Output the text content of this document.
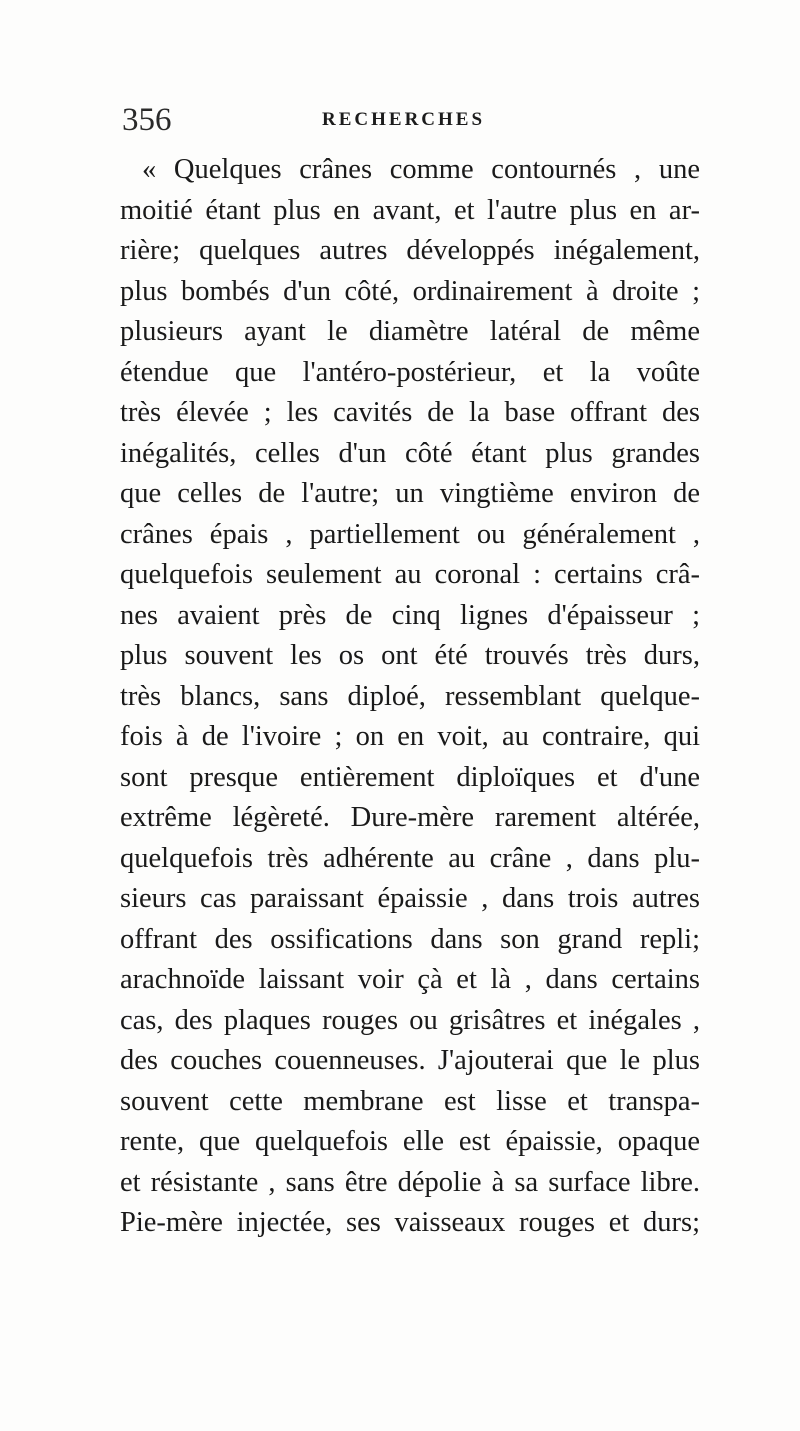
356	RECHERCHES
« Quelques crânes comme contournés , une
moitié étant plus en avant, et l'autre plus en ar-
rière; quelques autres développés inégalement,
plus bombés d'un côté, ordinairement à droite ;
plusieurs ayant le diamètre latéral de même
étendue que l'antéro-postérieur, et la voûte
très élevée ; les cavités de la base offrant des
inégalités, celles d'un côté étant plus grandes
que celles de l'autre; un vingtième environ de
crânes épais , partiellement ou généralement ,
quelquefois seulement au coronal : certains crâ-
nes avaient près de cinq lignes d'épaisseur ;
plus souvent les os ont été trouvés très durs,
très blancs, sans diploé, ressemblant quelque-
fois à de l'ivoire ; on en voit, au contraire, qui
sont presque entièrement diploïques et d'une
extrême légèreté. Dure-mère rarement altérée,
quelquefois très adhérente au crâne , dans plu-
sieurs cas paraissant épaissie , dans trois autres
offrant des ossifications dans son grand repli;
arachnoïde laissant voir çà et là , dans certains
cas, des plaques rouges ou grisâtres et inégales ,
des couches couenneuses. J'ajouterai que le plus
souvent cette membrane est lisse et transpa-
rente, que quelquefois elle est épaissie, opaque
et résistante , sans être dépolie à sa surface libre.
Pie-mère injectée, ses vaisseaux rouges et durs;
